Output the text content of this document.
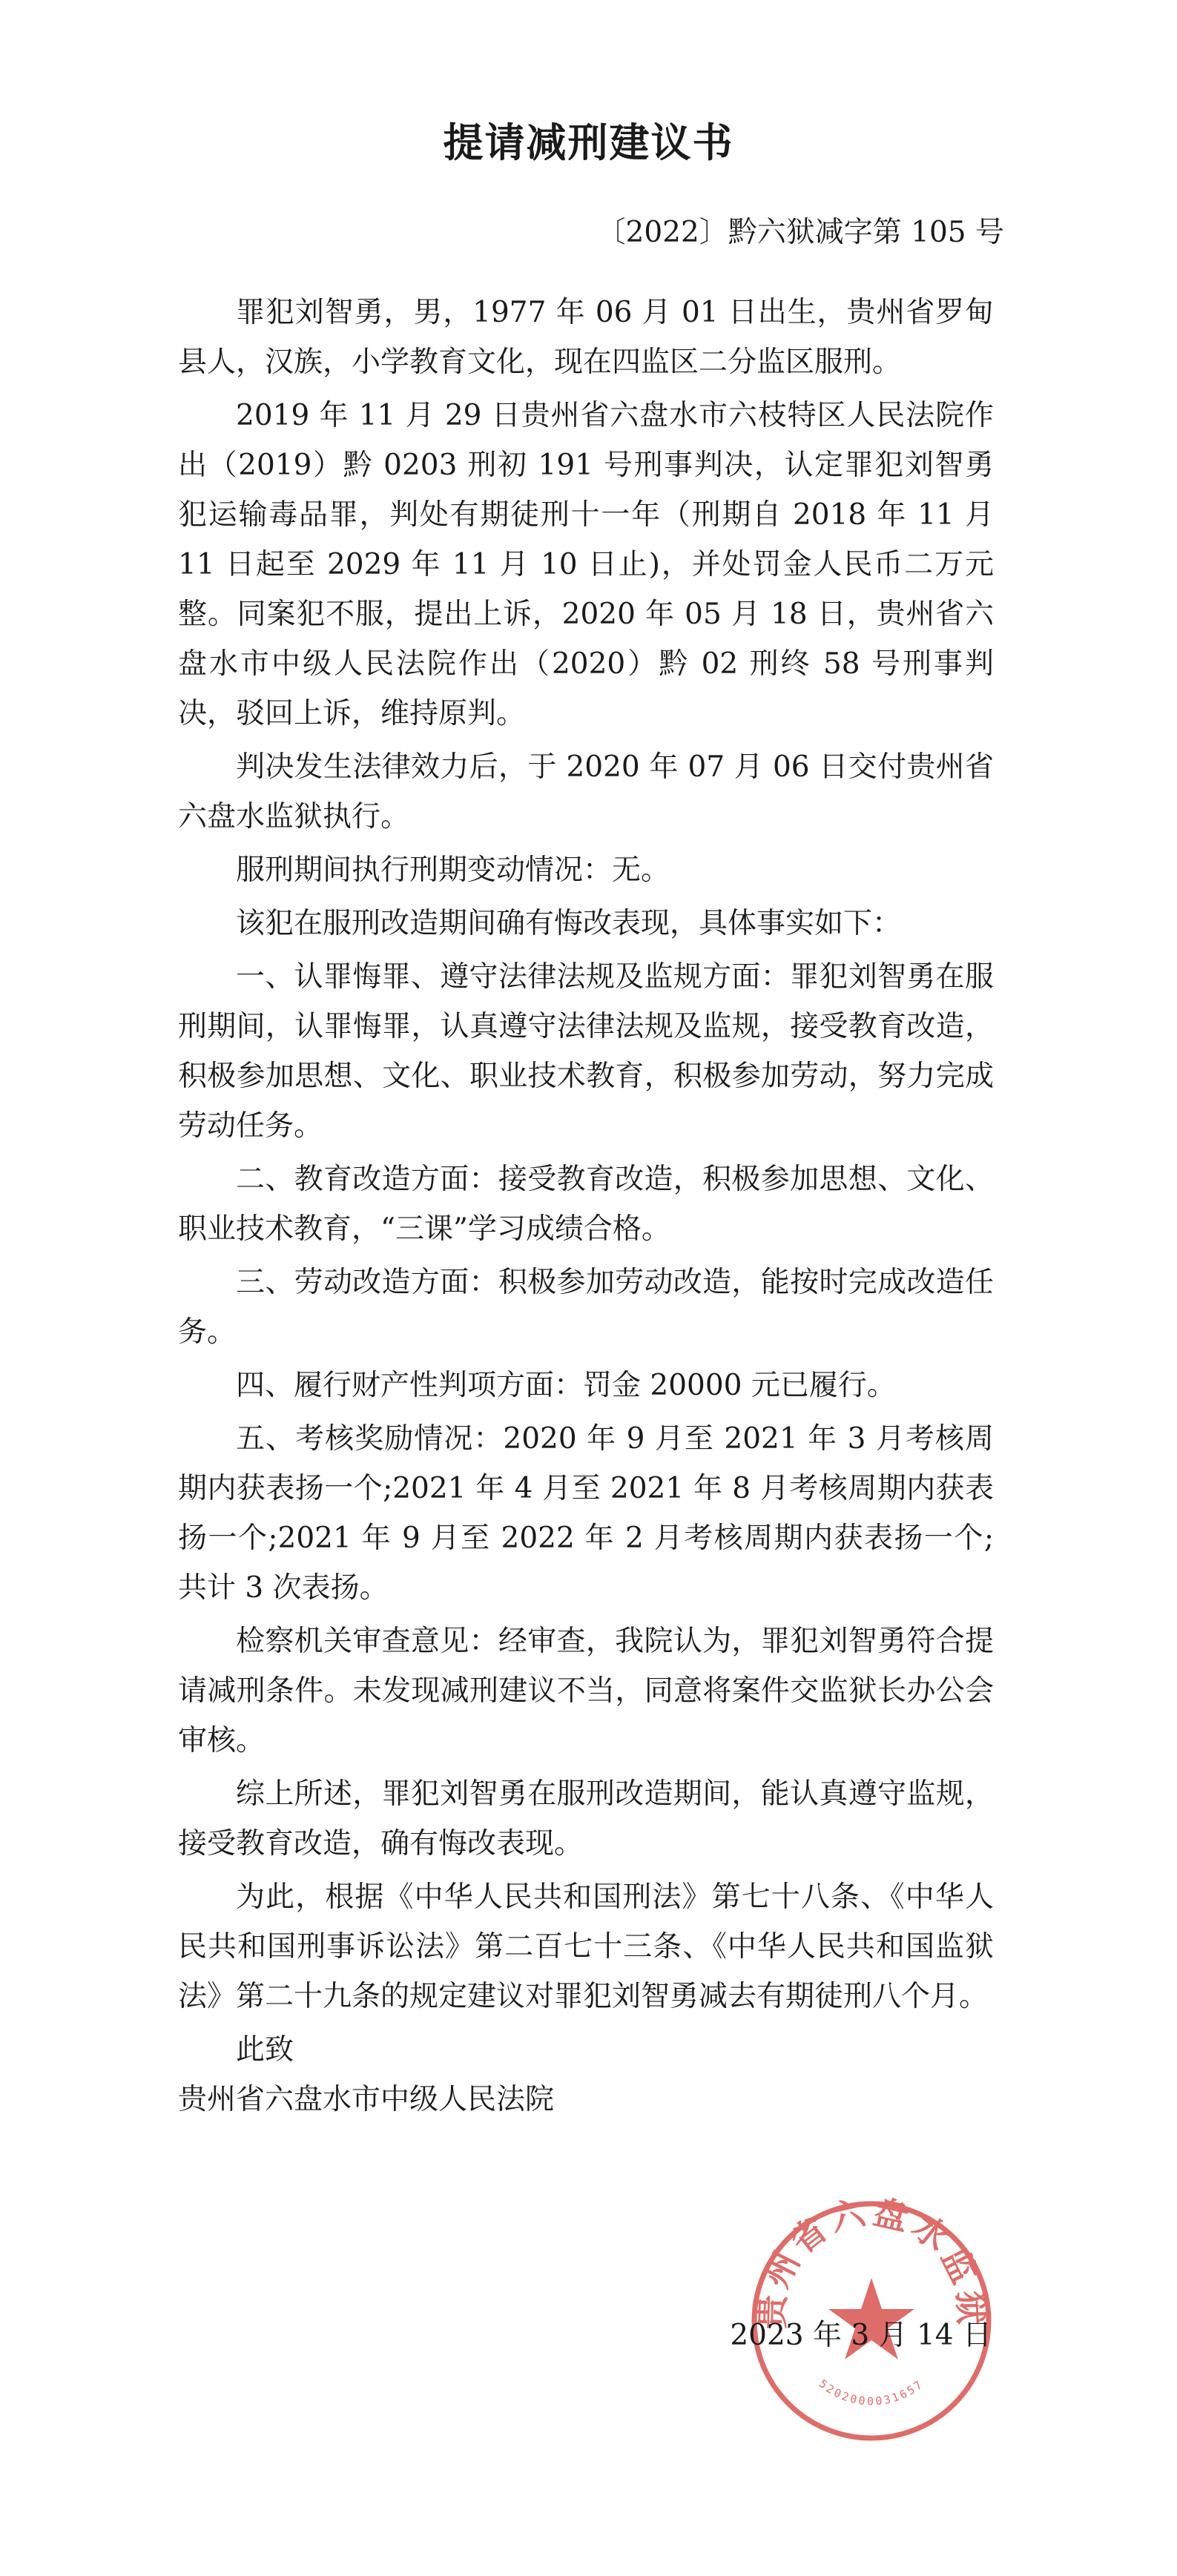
提请减刑建议书

〔2022〕黔六狱减字第 105 号

罪犯刘智勇，男，1977 年 06 月 01 日出生，贵州省罗甸县人，汉族，小学教育文化，现在四监区二分监区服刑。

2019 年 11 月 29 日贵州省六盘水市六枝特区人民法院作出（2019）黔 0203 刑初 191 号刑事判决，认定罪犯刘智勇犯运输毒品罪，判处有期徒刑十一年（刑期自 2018 年 11 月 11 日起至 2029 年 11 月 10 日止)，并处罚金人民币二万元整。同案犯不服，提出上诉，2020 年 05 月 18 日，贵州省六盘水市中级人民法院作出（2020）黔 02 刑终 58 号刑事判决，驳回上诉，维持原判。

判决发生法律效力后，于 2020 年 07 月 06 日交付贵州省六盘水监狱执行。

服刑期间执行刑期变动情况：无。

该犯在服刑改造期间确有悔改表现，具体事实如下：

一、认罪悔罪、遵守法律法规及监规方面：罪犯刘智勇在服刑期间，认罪悔罪，认真遵守法律法规及监规，接受教育改造，积极参加思想、文化、职业技术教育，积极参加劳动，努力完成劳动任务。

二、教育改造方面：接受教育改造，积极参加思想、文化、职业技术教育，“三课”学习成绩合格。

三、劳动改造方面：积极参加劳动改造，能按时完成改造任务。

四、履行财产性判项方面：罚金 20000 元已履行。

五、考核奖励情况：2020 年 9 月至 2021 年 3 月考核周期内获表扬一个;2021 年 4 月至 2021 年 8 月考核周期内获表扬一个;2021 年 9 月至 2022 年 2 月考核周期内获表扬一个;共计 3 次表扬。

检察机关审查意见：经审查，我院认为，罪犯刘智勇符合提请减刑条件。未发现减刑建议不当，同意将案件交监狱长办公会审核。

综上所述，罪犯刘智勇在服刑改造期间，能认真遵守监规，接受教育改造，确有悔改表现。

为此，根据《中华人民共和国刑法》第七十八条、《中华人民共和国刑事诉讼法》第二百七十三条、《中华人民共和国监狱法》第二十九条的规定建议对罪犯刘智勇减去有期徒刑八个月。

此致

贵州省六盘水市中级人民法院

贵州省六盘水监狱
5202000031657

2023 年 3 月 14 日
